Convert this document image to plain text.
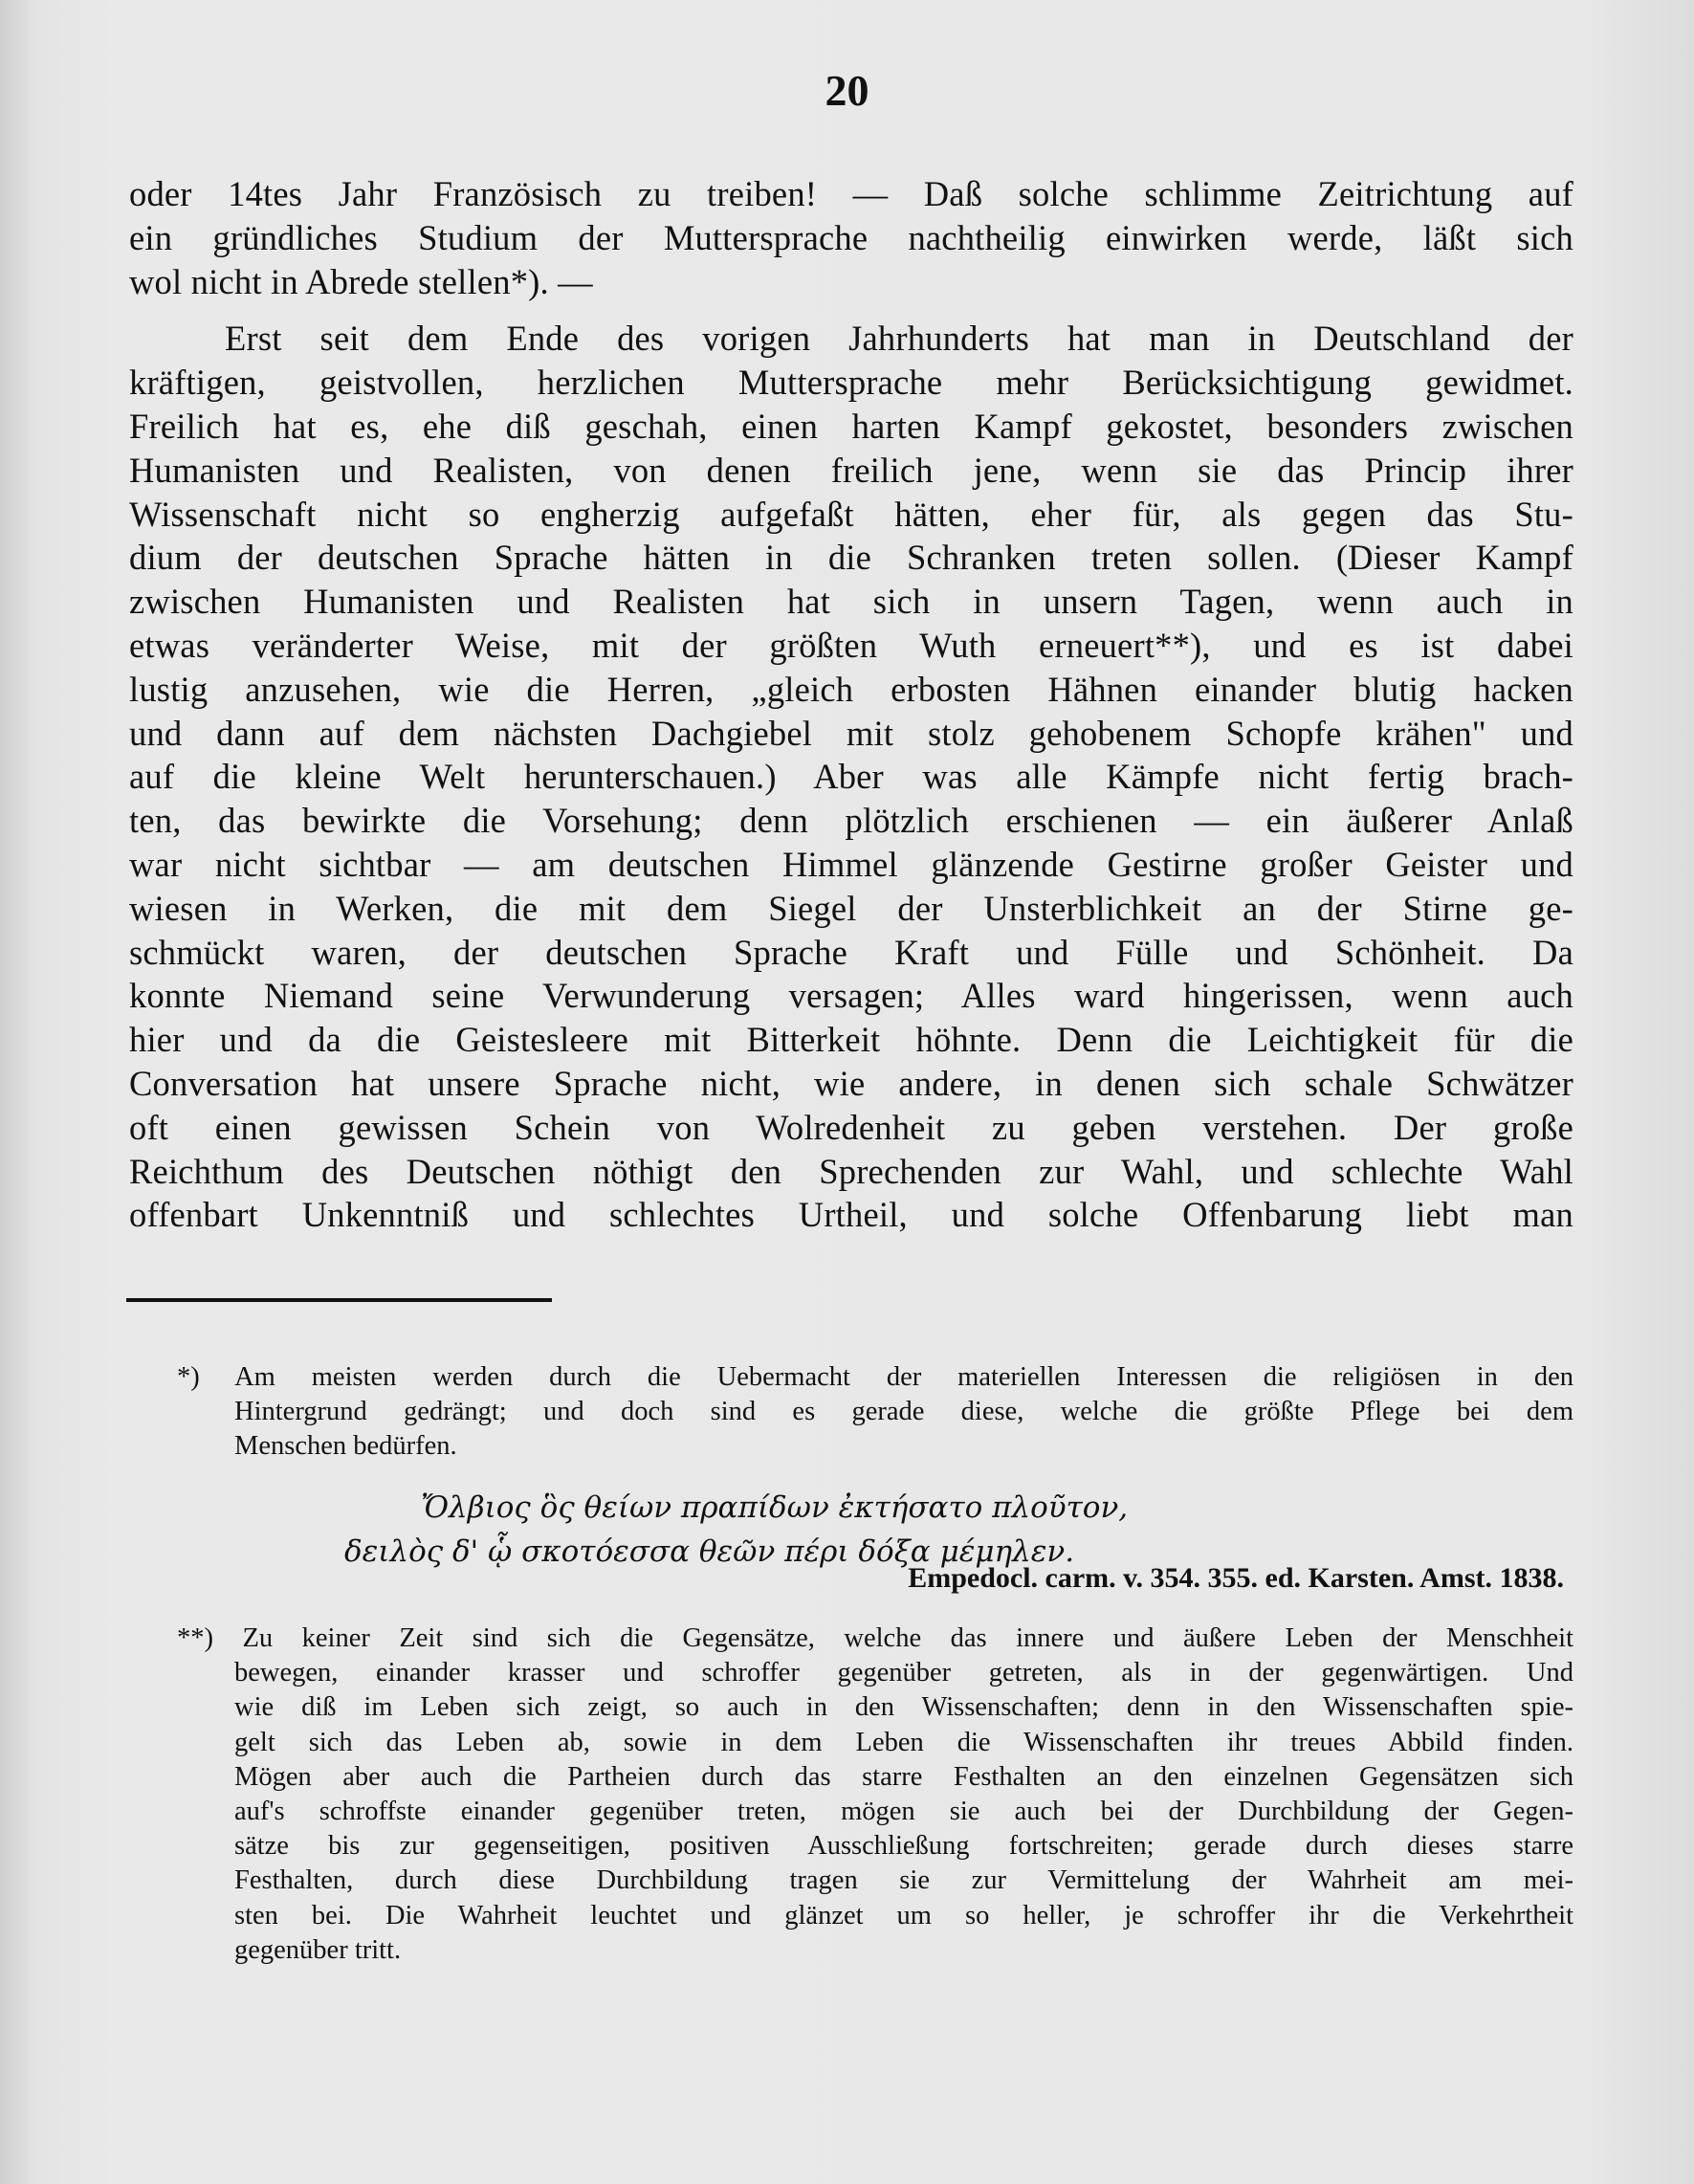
20
oder 14tes Jahr Französisch zu treiben! — Daß solche schlimme Zeitrichtung auf
ein gründliches Studium der Muttersprache nachtheilig einwirken werde, läßt sich
wol nicht in Abrede stellen*). —
Erst seit dem Ende des vorigen Jahrhunderts hat man in Deutschland der
kräftigen, geistvollen, herzlichen Muttersprache mehr Berücksichtigung gewidmet.
Freilich hat es, ehe diß geschah, einen harten Kampf gekostet, besonders zwischen
Humanisten und Realisten, von denen freilich jene, wenn sie das Princip ihrer
Wissenschaft nicht so engherzig aufgefaßt hätten, eher für, als gegen das Stu-
dium der deutschen Sprache hätten in die Schranken treten sollen. (Dieser Kampf
zwischen Humanisten und Realisten hat sich in unsern Tagen, wenn auch in
etwas veränderter Weise, mit der größten Wuth erneuert**), und es ist dabei
lustig anzusehen, wie die Herren, „gleich erbosten Hähnen einander blutig hacken
und dann auf dem nächsten Dachgiebel mit stolz gehobenem Schopfe krähen" und
auf die kleine Welt herunterschauen.) Aber was alle Kämpfe nicht fertig brach-
ten, das bewirkte die Vorsehung; denn plötzlich erschienen — ein äußerer Anlaß
war nicht sichtbar — am deutschen Himmel glänzende Gestirne großer Geister und
wiesen in Werken, die mit dem Siegel der Unsterblichkeit an der Stirne ge-
schmückt waren, der deutschen Sprache Kraft und Fülle und Schönheit. Da
konnte Niemand seine Verwunderung versagen; Alles ward hingerissen, wenn auch
hier und da die Geistesleere mit Bitterkeit höhnte. Denn die Leichtigkeit für die
Conversation hat unsere Sprache nicht, wie andere, in denen sich schale Schwätzer
oft einen gewissen Schein von Wolredenheit zu geben verstehen. Der große
Reichthum des Deutschen nöthigt den Sprechenden zur Wahl, und schlechte Wahl
offenbart Unkenntniß und schlechtes Urtheil, und solche Offenbarung liebt man
*) Am meisten werden durch die Uebermacht der materiellen Interessen die religiösen in den
Hintergrund gedrängt; und doch sind es gerade diese, welche die größte Pflege bei dem
Menschen bedürfen.
Ὄλβιος ὃς θείων πραπίδων ἐκτήσατο πλοῦτον,
δειλὸς δ' ᾧ σκοτόεσσα θεῶν πέρι δόξα μέμηλεν.
Empedocl. carm. v. 354. 355. ed. Karsten. Amst. 1838.
**) Zu keiner Zeit sind sich die Gegensätze, welche das innere und äußere Leben der Menschheit
bewegen, einander krasser und schroffer gegenüber getreten, als in der gegenwärtigen. Und
wie diß im Leben sich zeigt, so auch in den Wissenschaften; denn in den Wissenschaften spie-
gelt sich das Leben ab, sowie in dem Leben die Wissenschaften ihr treues Abbild finden.
Mögen aber auch die Partheien durch das starre Festhalten an den einzelnen Gegensätzen sich
auf's schroffste einander gegenüber treten, mögen sie auch bei der Durchbildung der Gegen-
sätze bis zur gegenseitigen, positiven Ausschließung fortschreiten; gerade durch dieses starre
Festhalten, durch diese Durchbildung tragen sie zur Vermittelung der Wahrheit am mei-
sten bei. Die Wahrheit leuchtet und glänzet um so heller, je schroffer ihr die Verkehrtheit
gegenüber tritt.
